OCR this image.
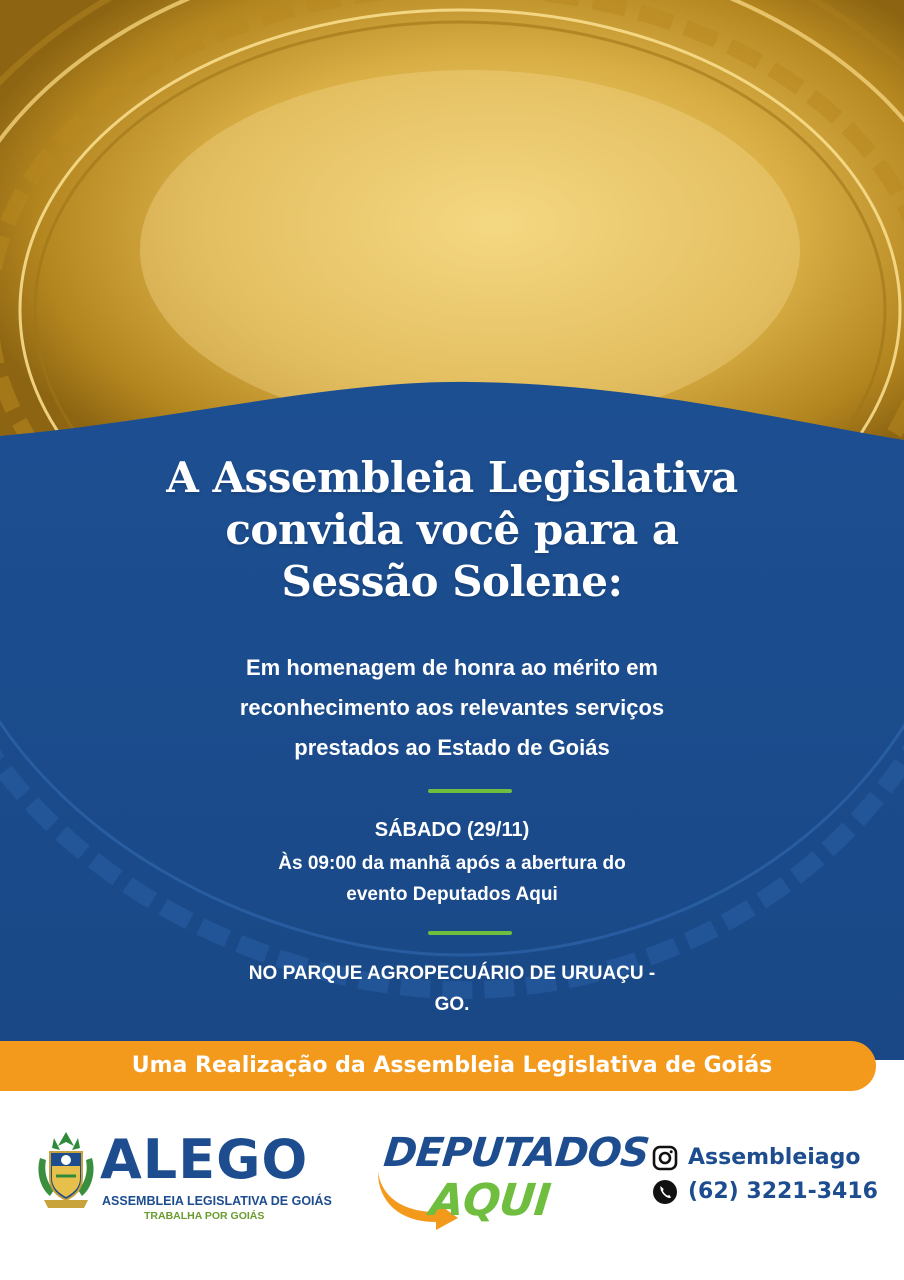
A Assembleia Legislativa
convida você para a
Sessão Solene:

Em homenagem de honra ao mérito em
reconhecimento aos relevantes serviços
prestados ao Estado de Goiás

SÁBADO (29/11)

Às 09:00 da manhã após a abertura do
evento Deputados Aqui

NO PARQUE AGROPECUÁRIO DE URUAÇU -
GO.

Uma Realização da Assembleia Legislativa de Goiás

ALEGO

ASSEMBLEIA LEGISLATIVA DE GOIÁS

TRABALHA POR GOIÁS

DEPUTADOS

AQUI

Assembleiago

(62) 3221-3416
